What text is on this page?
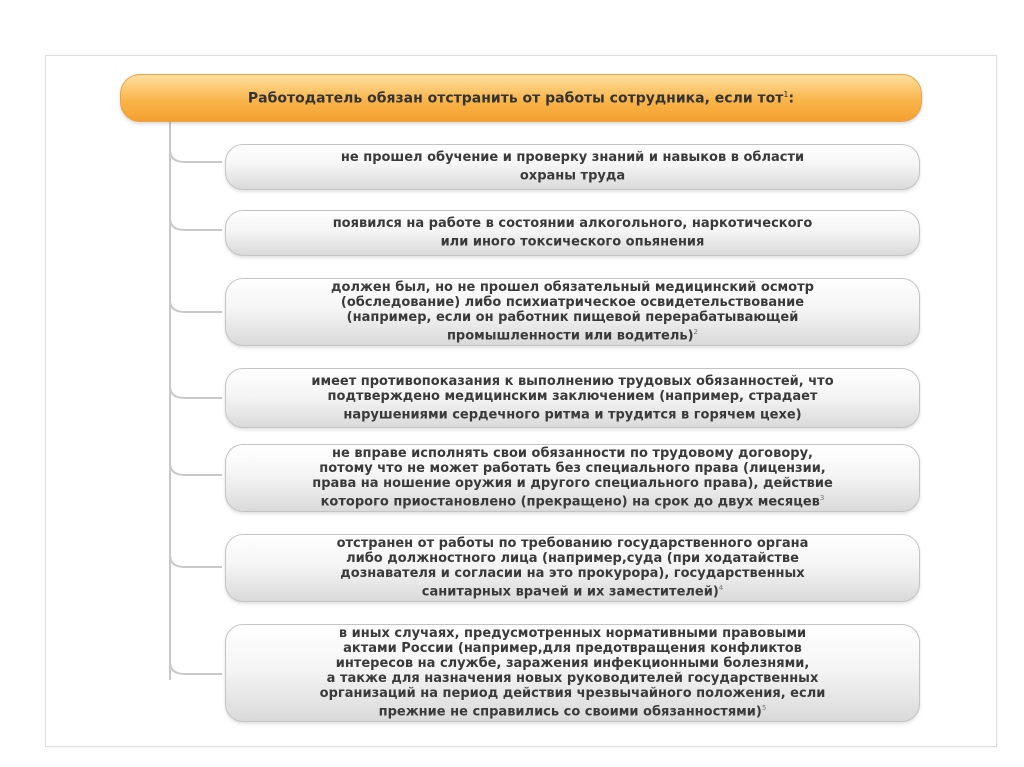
Работодатель обязан отстранить от работы сотрудника, если тот$^1$:
не прошел обучение и проверку знаний и навыков в области
охраны труда
появился на работе в состоянии алкогольного, наркотического
или иного токсического опьянения
должен был, но не прошел обязательный медицинский осмотр
(обследование) либо психиатрическое освидетельствование
(например, если он работник пищевой перерабатывающей
промышленности или водитель)$^2$
имеет противопоказания к выполнению трудовых обязанностей, что
подтверждено медицинским заключением (например, страдает
нарушениями сердечного ритма и трудится в горячем цехе)
не вправе исполнять свои обязанности по трудовому договору,
потому что не может работать без специального права (лицензии,
права на ношение оружия и другого специального права), действие
которого приостановлено (прекращено) на срок до двух месяцев$^3$
отстранен от работы по требованию государственного органа
либо должностного лица (например,суда (при ходатайстве
дознавателя и согласии на это прокурора), государственных
санитарных врачей и их заместителей)$^4$
в иных случаях, предусмотренных нормативными правовыми
актами России (например,для предотвращения конфликтов
интересов на службе, заражения инфекционными болезнями,
а также для назначения новых руководителей государственных
организаций на период действия чрезвычайного положения, если
прежние не справились со своими обязанностями)$^5$
